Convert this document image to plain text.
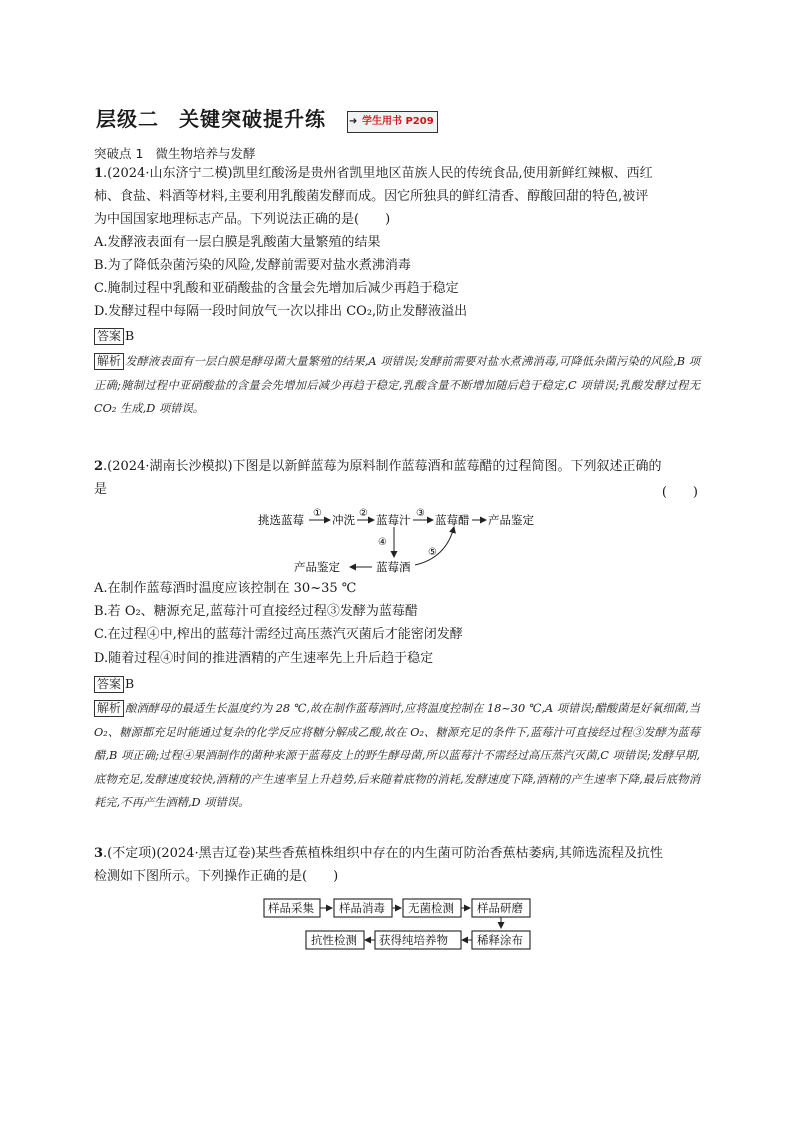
层级二 关键突破提升练 ➜ 学生用书 P209
突破点 1 微生物培养与发酵
1.(2024·山东济宁二模)凯里红酸汤是贵州省凯里地区苗族人民的传统食品,使用新鲜红辣椒、西红
柿、食盐、料酒等材料,主要利用乳酸菌发酵而成。因它所独具的鲜红清香、醇酸回甜的特色,被评
为中国国家地理标志产品。下列说法正确的是(　　)
A.发酵液表面有一层白膜是乳酸菌大量繁殖的结果
B.为了降低杂菌污染的风险,发酵前需要对盐水煮沸消毒
C.腌制过程中乳酸和亚硝酸盐的含量会先增加后减少再趋于稳定
D.发酵过程中每隔一段时间放气一次以排出 CO₂,防止发酵液溢出
答案 B
解析 发酵液表面有一层白膜是酵母菌大量繁殖的结果,A 项错误;发酵前需要对盐水煮沸消毒,可降低杂菌污染的风险,B 项正确;腌制过程中亚硝酸盐的含量会先增加后减少再趋于稳定,乳酸含量不断增加随后趋于稳定,C 项错误;乳酸发酵过程无 CO₂ 生成,D 项错误。
2.(2024·湖南长沙模拟)下图是以新鲜蓝莓为原料制作蓝莓酒和蓝莓醋的过程简图。下列叙述正确的
是	(　　)
挑选蓝莓 ① 冲洗 ② 蓝莓汁 ③ 蓝莓醋 产品鉴定
④
蓝莓酒
⑤
产品鉴定
A.在制作蓝莓酒时温度应该控制在 30~35 ℃
B.若 O₂、糖源充足,蓝莓汁可直接经过程③发酵为蓝莓醋
C.在过程④中,榨出的蓝莓汁需经过高压蒸汽灭菌后才能密闭发酵
D.随着过程④时间的推进酒精的产生速率先上升后趋于稳定
答案 B
解析 酿酒酵母的最适生长温度约为 28 ℃,故在制作蓝莓酒时,应将温度控制在 18~30 ℃,A 项错误;醋酸菌是好氧细菌,当 O₂、糖源都充足时能通过复杂的化学反应将糖分解成乙酸,故在 O₂、糖源充足的条件下,蓝莓汁可直接经过程③发酵为蓝莓醋,B 项正确;过程④果酒制作的菌种来源于蓝莓皮上的野生酵母菌,所以蓝莓汁不需经过高压蒸汽灭菌,C 项错误;发酵早期,底物充足,发酵速度较快,酒精的产生速率呈上升趋势,后来随着底物的消耗,发酵速度下降,酒精的产生速率下降,最后底物消耗完,不再产生酒精,D 项错误。
3.(不定项)(2024·黑吉辽卷)某些香蕉植株组织中存在的内生菌可防治香蕉枯萎病,其筛选流程及抗性
检测如下图所示。下列操作正确的是(　　)
样品采集 样品消毒 无菌检测 样品研磨
稀释涂布
获得纯培养物
抗性检测
